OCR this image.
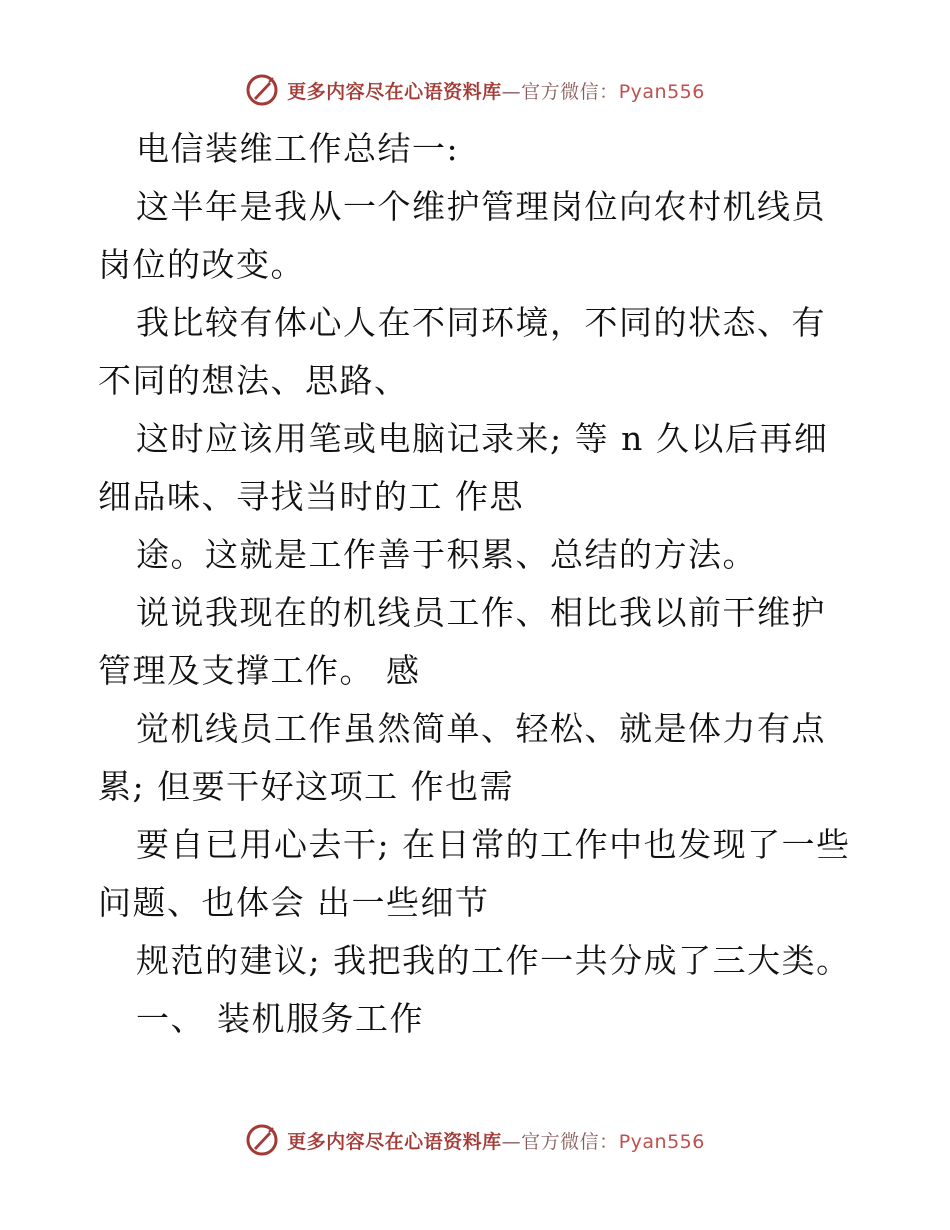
更多内容尽在心语资料库—官方微信：Pyan556

电信装维工作总结一:

这半年是我从一个维护管理岗位向农村机线员岗位的改变。

我比较有体心人在不同环境，不同的状态、有不同的想法、思路、

这时应该用笔或电脑记录来; 等 n 久以后再细细品味、寻找当时的工 作思

途。这就是工作善于积累、总结的方法。

说说我现在的机线员工作、相比我以前干维护管理及支撑工作。 感

觉机线员工作虽然简单、轻松、就是体力有点累; 但要干好这项工 作也需

要自已用心去干; 在日常的工作中也发现了一些问题、也体会 出一些细节

规范的建议; 我把我的工作一共分成了三大类。

一、 装机服务工作

更多内容尽在心语资料库—官方微信：Pyan556
